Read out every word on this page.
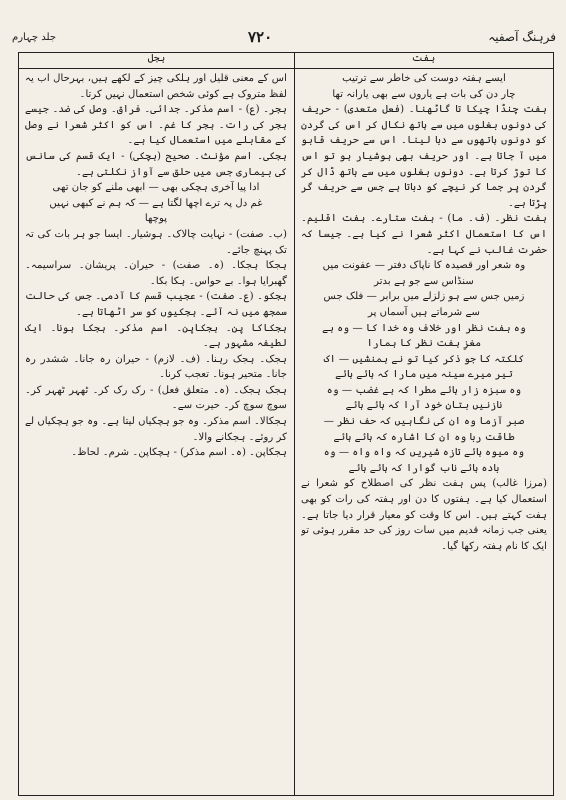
جلد چہارم	۷۲۰	فرہنگ آصفیہ
ہجل	ہفت

ایسے ہفتہ دوست کی خاطر سے ترتیب

چار دن کی بات ہے یاروں سے بھی یارانہ تھا

ہفت چنڈا چیکا تا گاٹھنا۔ (فعل متعدی) - حریف کی دونوں بغلوں میں سے ہاتھ نکال کر اس کی گردن کو دونوں ہاتھوں سے دبا لینا۔ اس سے حریف قابو میں آ جاتا ہے۔ اور حریف بھی ہوشیار ہو تو اس کا توڑ کرتا ہے۔ دونوں بغلوں میں سے ہاتھ ڈال کر گردن پر جما کر نیچے کو دباتا ہے جس سے حریف گر پڑتا ہے۔

ہفت نظر۔ (ف۔ ما) - ہفت ستارے۔ ہفت اقلیم۔ اس کا استعمال اکثر شعرا نے کیا ہے۔ جیسا کہ حضرت غالب نے کہا ہے۔

وہ شعر اور قصیدہ کا ناپاک دفتر — عفونت میں سنڈاس سے جو ہے بدتر

زمیں جس سے ہو زلزلے میں برابر — فلک جس سے شرماتے ہیں آسماں پر

وہ ہفت نظر اور خلاف وہ خدا کا — وہ ہے مغزِ ہفت نظر کا ہمارا

کلکتہ کا جو ذکر کیا تو نے ہمنشیں — اک تیر میرے سینہ میں مارا کہ ہائے ہائے

وہ سبزہ زار ہائے مطرا کہ ہے غضب — وہ نازنیں بتانِ خود آرا کہ ہائے ہائے

صبر آزما وہ ان کی نگاہیں کہ حف نظر — طاقت ربا وہ ان کا اشارہ کہ ہائے ہائے

وہ میوہ ہائے تازہ شیریں کہ واہ واہ — وہ بادہ ہائے ناب گوارا کہ ہائے ہائے

(مرزا غالب) پس ہفت نظر کی اصطلاح کو شعرا نے استعمال کیا ہے۔ ہفتوں کا دن اور ہفتہ کی رات کو بھی ہفت کہتے ہیں۔ اس کا وقت کو معیار قرار دیا جاتا ہے۔ یعنی جب زمانہ قدیم میں سات روز کی حد مقرر ہوئی تو ایک کا نام ہفتہ رکھا گیا۔

اس کے معنی قلیل اور ہلکی چیز کے لکھے ہیں، بہرحال اب یہ لفظ متروک ہے کوئی شخص استعمال نہیں کرتا۔

ہجر۔ (ع) - اسم مذکر۔ جدائی۔ فراق۔ وصل کی ضد۔ جیسے ہجر کی رات۔ ہجر کا غم۔ اس کو اکثر شعرا نے وصل کے مقابلے میں استعمال کیا ہے۔

ہجکی۔ اسم مؤنث۔ صحیح (ہچکی) - ایک قسم کی سانس کی بیماری جس میں حلق سے آواز نکلتی ہے۔

ادا پیا آخری ہچکی بھی — ابھی ملنے کو جان تھی

غم دل پہ ترے اچھا لگتا ہے — کہ ہم نے کبھی نہیں پوچھا

(ب۔ صفت) - نہایت چالاک۔ ہوشیار۔ ایسا جو ہر بات کی تہ تک پہنچ جائے۔

ہجکا ہجکا۔ (ہ۔ صفت) - حیران۔ پریشان۔ سراسیمہ۔ گھبرایا ہوا۔ بے حواس۔ ہکا بکا۔

ہجکو۔ (ع۔ صفت) - عجیب قسم کا آدمی۔ جس کی حالت سمجھ میں نہ آئے۔ ہجکیوں کو سر اٹھاتا ہے۔

ہجکاکا پن۔ ہجکاپن۔ اسم مذکر۔ ہجکا ہونا۔ ایک لطیفہ مشہور ہے۔

ہجک۔ ہجک رہنا۔ (ف۔ لازم) - حیران رہ جانا۔ ششدر رہ جانا۔ متحیر ہونا۔ تعجب کرنا۔

ہجک ہجک۔ (ہ۔ متعلق فعل) - رک رک کر۔ ٹھہر ٹھہر کر۔ سوچ سوچ کر۔ حیرت سے۔

ہجکالا۔ اسم مذکر۔ وہ جو ہچکیاں لیتا ہے۔ وہ جو ہچکیاں لے کر روئے۔ ہجکانے والا۔

ہجکاپن۔ (ہ۔ اسم مذکر) - ہچکاپن۔ شرم۔ لحاظ۔
